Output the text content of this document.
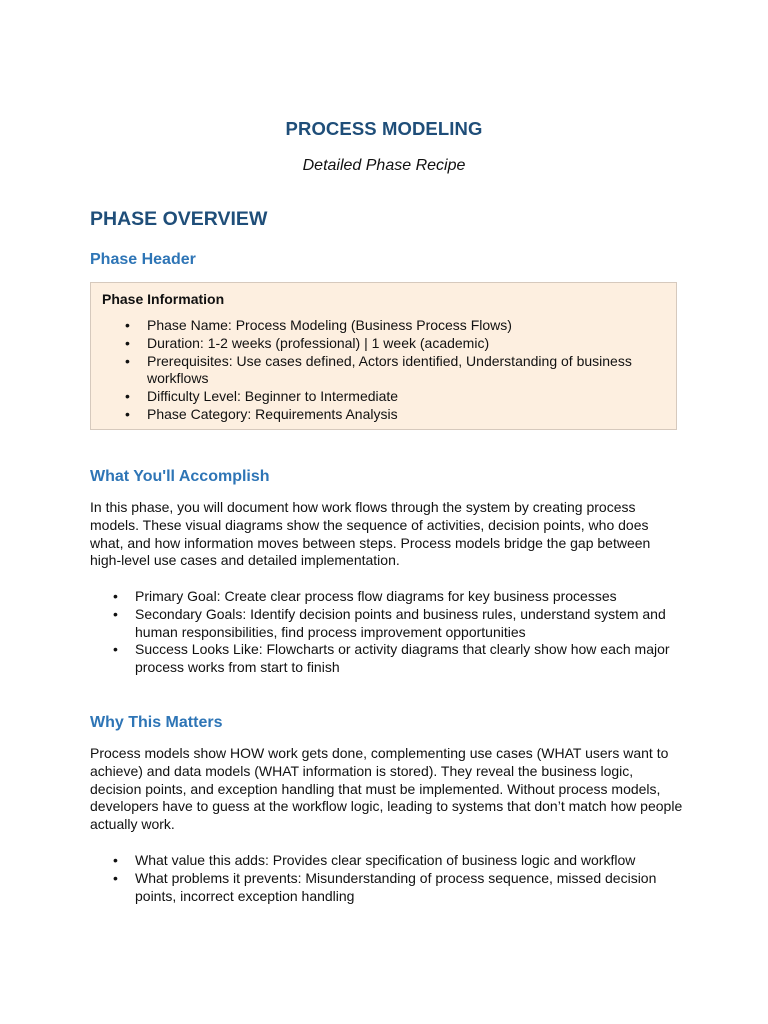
PROCESS MODELING
Detailed Phase Recipe
PHASE OVERVIEW
Phase Header
Phase Information
• Phase Name: Process Modeling (Business Process Flows)
• Duration: 1-2 weeks (professional) | 1 week (academic)
• Prerequisites: Use cases defined, Actors identified, Understanding of business workflows
• Difficulty Level: Beginner to Intermediate
• Phase Category: Requirements Analysis
What You'll Accomplish

In this phase, you will document how work flows through the system by creating process models. These visual diagrams show the sequence of activities, decision points, who does what, and how information moves between steps. Process models bridge the gap between high-level use cases and detailed implementation.

• Primary Goal: Create clear process flow diagrams for key business processes
• Secondary Goals: Identify decision points and business rules, understand system and human responsibilities, find process improvement opportunities
• Success Looks Like: Flowcharts or activity diagrams that clearly show how each major process works from start to finish
Why This Matters

Process models show HOW work gets done, complementing use cases (WHAT users want to achieve) and data models (WHAT information is stored). They reveal the business logic, decision points, and exception handling that must be implemented. Without process models, developers have to guess at the workflow logic, leading to systems that don’t match how people actually work.

• What value this adds: Provides clear specification of business logic and workflow
• What problems it prevents: Misunderstanding of process sequence, missed decision points, incorrect exception handling
